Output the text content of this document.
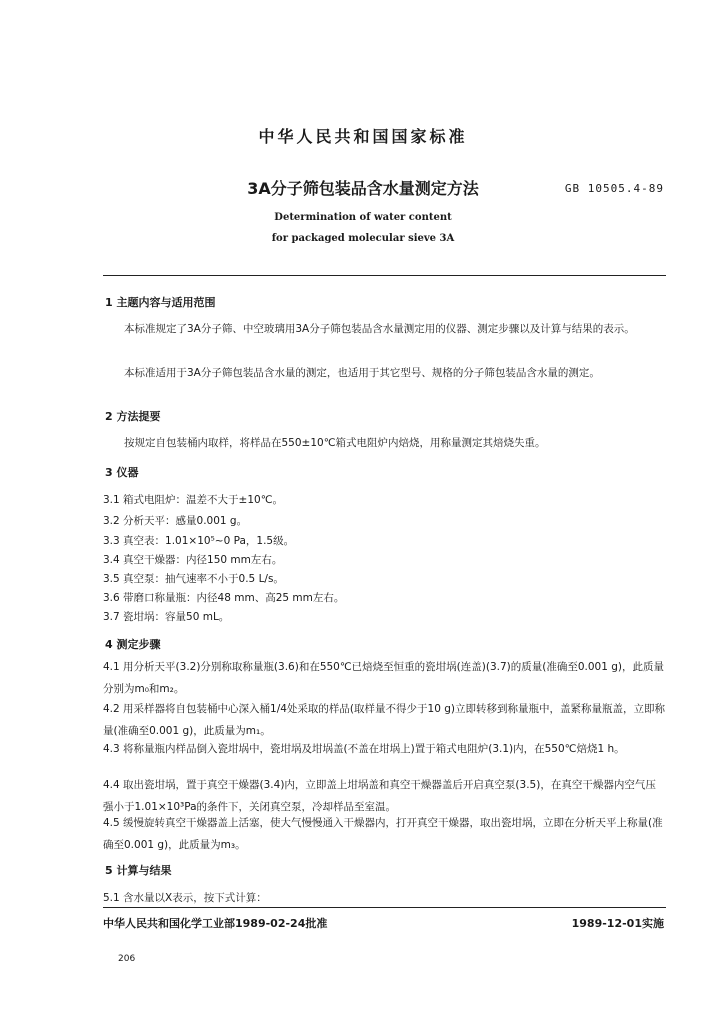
中华人民共和国国家标准
3A分子筛包装品含水量测定方法	GB 10505.4-89
Determination of water content
for packaged molecular sieve 3A
1 主题内容与适用范围
本标准规定了3A分子筛、中空玻璃用3A分子筛包装品含水量测定用的仪器、测定步骤以及计算与结果的表示。
本标准适用于3A分子筛包装品含水量的测定，也适用于其它型号、规格的分子筛包装品含水量的测定。
2 方法提要
按规定自包装桶内取样，将样品在550±10℃箱式电阻炉内焙烧，用称量测定其焙烧失重。
3 仪器
3.1 箱式电阻炉：温差不大于±10℃。
3.2 分析天平：感量0.001 g。
3.3 真空表：1.01×10⁵~0 Pa，1.5级。
3.4 真空干燥器：内径150 mm左右。
3.5 真空泵：抽气速率不小于0.5 L/s。
3.6 带磨口称量瓶：内径48 mm、高25 mm左右。
3.7 瓷坩埚：容量50 mL。
4 测定步骤
4.1 用分析天平(3.2)分别称取称量瓶(3.6)和在550℃已焙烧至恒重的瓷坩埚(连盖)(3.7)的质量(准确至0.001 g)，此质量分别为m₀和m₂。
4.2 用采样器将自包装桶中心深入桶1/4处采取的样品(取样量不得少于10 g)立即转移到称量瓶中，盖紧称量瓶盖，立即称量(准确至0.001 g)，此质量为m₁。
4.3 将称量瓶内样品倒入瓷坩埚中，瓷坩埚及坩埚盖(不盖在坩埚上)置于箱式电阻炉(3.1)内，在550℃焙烧1 h。
4.4 取出瓷坩埚，置于真空干燥器(3.4)内，立即盖上坩埚盖和真空干燥器盖后开启真空泵(3.5)，在真空干燥器内空气压强小于1.01×10³Pa的条件下，关闭真空泵，冷却样品至室温。
4.5 缓慢旋转真空干燥器盖上活塞，使大气慢慢通入干燥器内，打开真空干燥器，取出瓷坩埚，立即在分析天平上称量(准确至0.001 g)，此质量为m₃。
5 计算与结果
5.1 含水量以X表示，按下式计算：
中华人民共和国化学工业部1989-02-24批准	1989-12-01实施
206
